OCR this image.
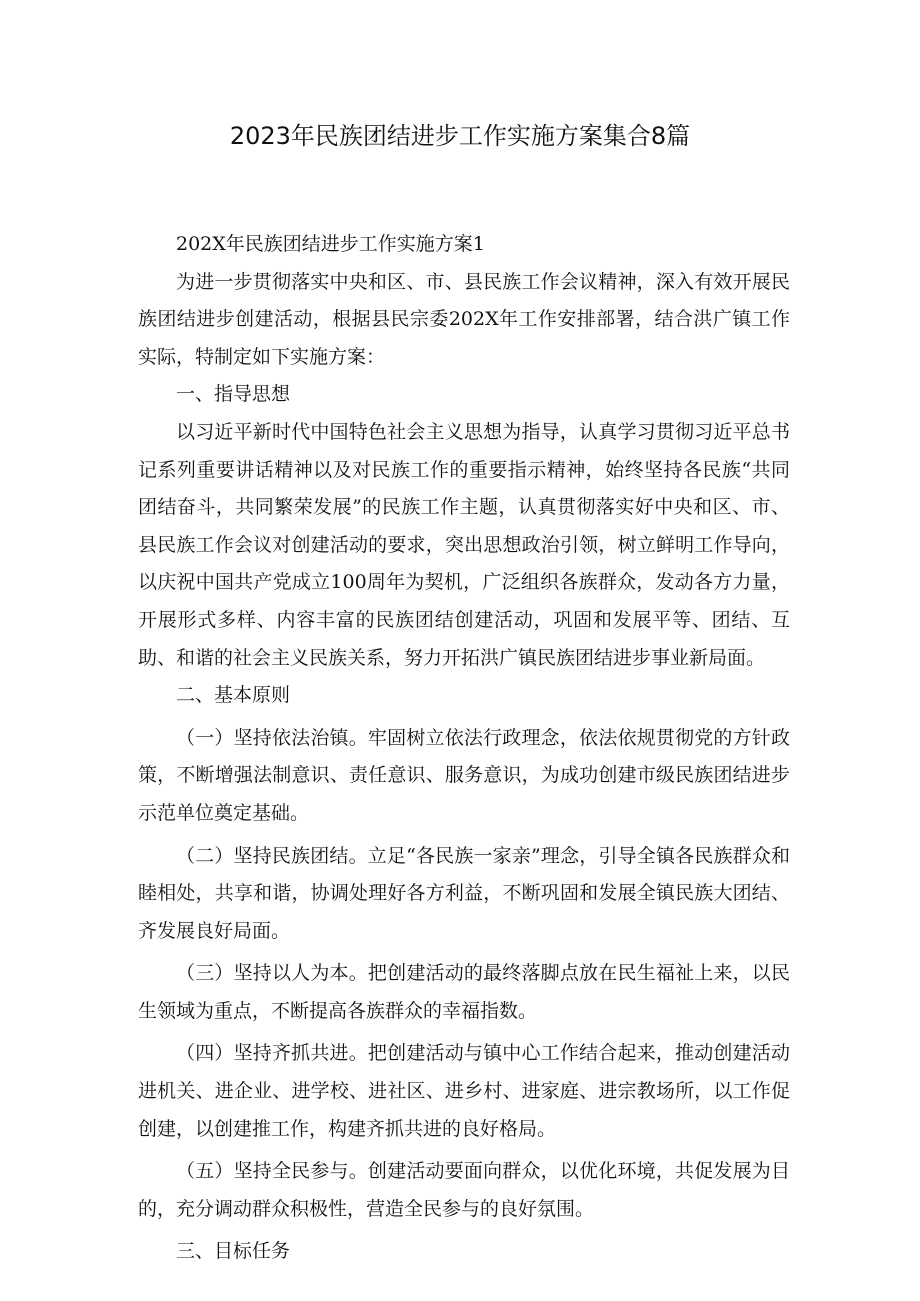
2023年民族团结进步工作实施方案集合8篇

202X年民族团结进步工作实施方案1

为进一步贯彻落实中央和区、市、县民族工作会议精神，深入有效开展民族团结进步创建活动，根据县民宗委202X年工作安排部署，结合洪广镇工作实际，特制定如下实施方案：

一、指导思想

以习近平新时代中国特色社会主义思想为指导，认真学习贯彻习近平总书记系列重要讲话精神以及对民族工作的重要指示精神，始终坚持各民族“共同团结奋斗，共同繁荣发展”的民族工作主题，认真贯彻落实好中央和区、市、县民族工作会议对创建活动的要求，突出思想政治引领，树立鲜明工作导向，以庆祝中国共产党成立100周年为契机，广泛组织各族群众，发动各方力量，开展形式多样、内容丰富的民族团结创建活动，巩固和发展平等、团结、互助、和谐的社会主义民族关系，努力开拓洪广镇民族团结进步事业新局面。

二、基本原则

（一）坚持依法治镇。牢固树立依法行政理念，依法依规贯彻党的方针政策，不断增强法制意识、责任意识、服务意识，为成功创建市级民族团结进步示范单位奠定基础。

（二）坚持民族团结。立足“各民族一家亲”理念，引导全镇各民族群众和睦相处，共享和谐，协调处理好各方利益，不断巩固和发展全镇民族大团结、齐发展良好局面。

（三）坚持以人为本。把创建活动的最终落脚点放在民生福祉上来，以民生领域为重点，不断提高各族群众的幸福指数。

（四）坚持齐抓共进。把创建活动与镇中心工作结合起来，推动创建活动进机关、进企业、进学校、进社区、进乡村、进家庭、进宗教场所，以工作促创建，以创建推工作，构建齐抓共进的良好格局。

（五）坚持全民参与。创建活动要面向群众，以优化环境，共促发展为目的，充分调动群众积极性，营造全民参与的良好氛围。

三、目标任务
